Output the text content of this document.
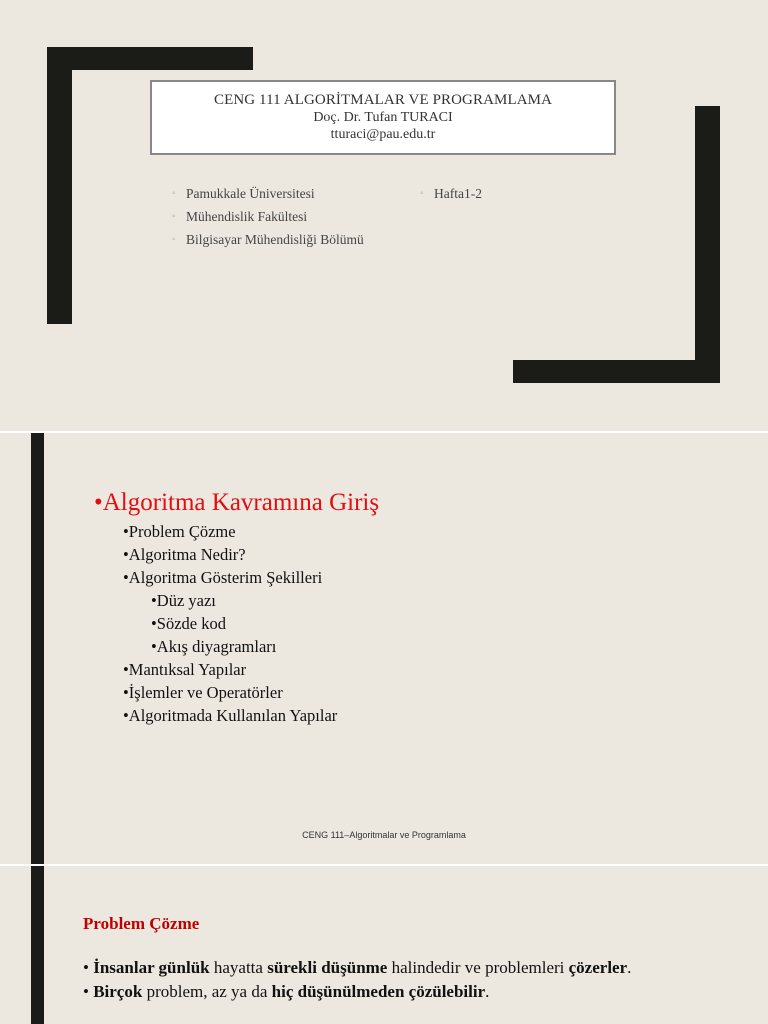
CENG 111 ALGORİTMALAR VE PROGRAMLAMA
Doç. Dr. Tufan TURACI
tturaci@pau.edu.tr
◦ Pamukkale Üniversitesi
◦ Mühendislik Fakültesi
◦ Bilgisayar Mühendisliği Bölümü
◦ Hafta1-2
CENG 111–Algoritmalar ve Programlama
•Algoritma Kavramına Giriş
•Problem Çözme
•Algoritma Nedir?
•Algoritma Gösterim Şekilleri
•Düz yazı
•Sözde kod
•Akış diyagramları
•Mantıksal Yapılar
•İşlemler ve Operatörler
•Algoritmada Kullanılan Yapılar
Problem Çözme
• İnsanlar günlük hayatta sürekli düşünme halindedir ve problemleri çözerler.
• Birçok problem, az ya da hiç düşünülmeden çözülebilir.
